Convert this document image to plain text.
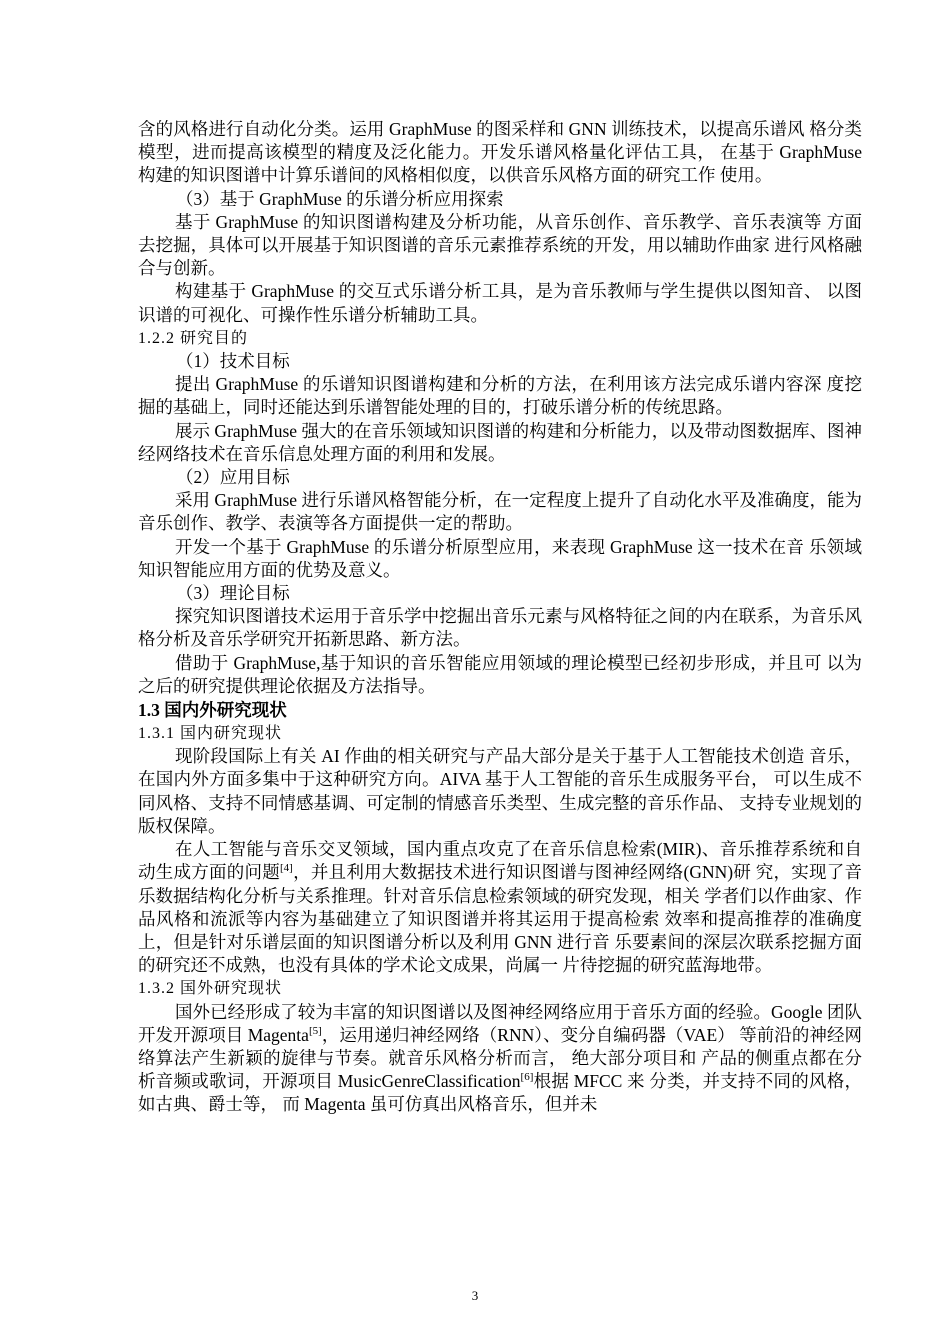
含的风格进行自动化分类。运用 GraphMuse 的图采样和 GNN 训练技术，以提高乐谱风 格分类模型，进而提高该模型的精度及泛化能力。开发乐谱风格量化评估工具， 在基于 GraphMuse 构建的知识图谱中计算乐谱间的风格相似度，以供音乐风格方面的研究工作 使用。

（3）基于 GraphMuse 的乐谱分析应用探索

基于 GraphMuse 的知识图谱构建及分析功能，从音乐创作、音乐教学、音乐表演等 方面去挖掘，具体可以开展基于知识图谱的音乐元素推荐系统的开发，用以辅助作曲家 进行风格融合与创新。

构建基于 GraphMuse 的交互式乐谱分析工具，是为音乐教师与学生提供以图知音、 以图识谱的可视化、可操作性乐谱分析辅助工具。

1.2.2 研究目的

（1）技术目标

提出 GraphMuse 的乐谱知识图谱构建和分析的方法，在利用该方法完成乐谱内容深 度挖掘的基础上，同时还能达到乐谱智能处理的目的，打破乐谱分析的传统思路。

展示 GraphMuse 强大的在音乐领域知识图谱的构建和分析能力，以及带动图数据库、图神经网络技术在音乐信息处理方面的利用和发展。

（2）应用目标

采用 GraphMuse 进行乐谱风格智能分析，在一定程度上提升了自动化水平及准确度，能为音乐创作、教学、表演等各方面提供一定的帮助。

开发一个基于 GraphMuse 的乐谱分析原型应用，来表现 GraphMuse 这一技术在音 乐领域知识智能应用方面的优势及意义。

（3）理论目标

探究知识图谱技术运用于音乐学中挖掘出音乐元素与风格特征之间的内在联系，为音乐风格分析及音乐学研究开拓新思路、新方法。

借助于 GraphMuse,基于知识的音乐智能应用领域的理论模型已经初步形成，并且可 以为之后的研究提供理论依据及方法指导。

1.3 国内外研究现状

1.3.1 国内研究现状

现阶段国际上有关 AI 作曲的相关研究与产品大部分是关于基于人工智能技术创造 音乐，在国内外方面多集中于这种研究方向。AIVA 基于人工智能的音乐生成服务平台， 可以生成不同风格、支持不同情感基调、可定制的情感音乐类型、生成完整的音乐作品、 支持专业规划的版权保障。

在人工智能与音乐交叉领域，国内重点攻克了在音乐信息检索(MIR)、音乐推荐系统和自动生成方面的问题[4]，并且利用大数据技术进行知识图谱与图神经网络(GNN)研 究，实现了音乐数据结构化分析与关系推理。针对音乐信息检索领域的研究发现，相关 学者们以作曲家、作品风格和流派等内容为基础建立了知识图谱并将其运用于提高检索 效率和提高推荐的准确度上，但是针对乐谱层面的知识图谱分析以及利用 GNN 进行音 乐要素间的深层次联系挖掘方面的研究还不成熟，也没有具体的学术论文成果，尚属一 片待挖掘的研究蓝海地带。

1.3.2 国外研究现状

国外已经形成了较为丰富的知识图谱以及图神经网络应用于音乐方面的经验。Google 团队开发开源项目 Magenta[5]，运用递归神经网络（RNN）、变分自编码器（VAE） 等前沿的神经网络算法产生新颖的旋律与节奏。就音乐风格分析而言， 绝大部分项目和 产品的侧重点都在分析音频或歌词，开源项目 MusicGenreClassification[6]根据 MFCC 来 分类，并支持不同的风格，如古典、爵士等， 而 Magenta 虽可仿真出风格音乐，但并未

3
